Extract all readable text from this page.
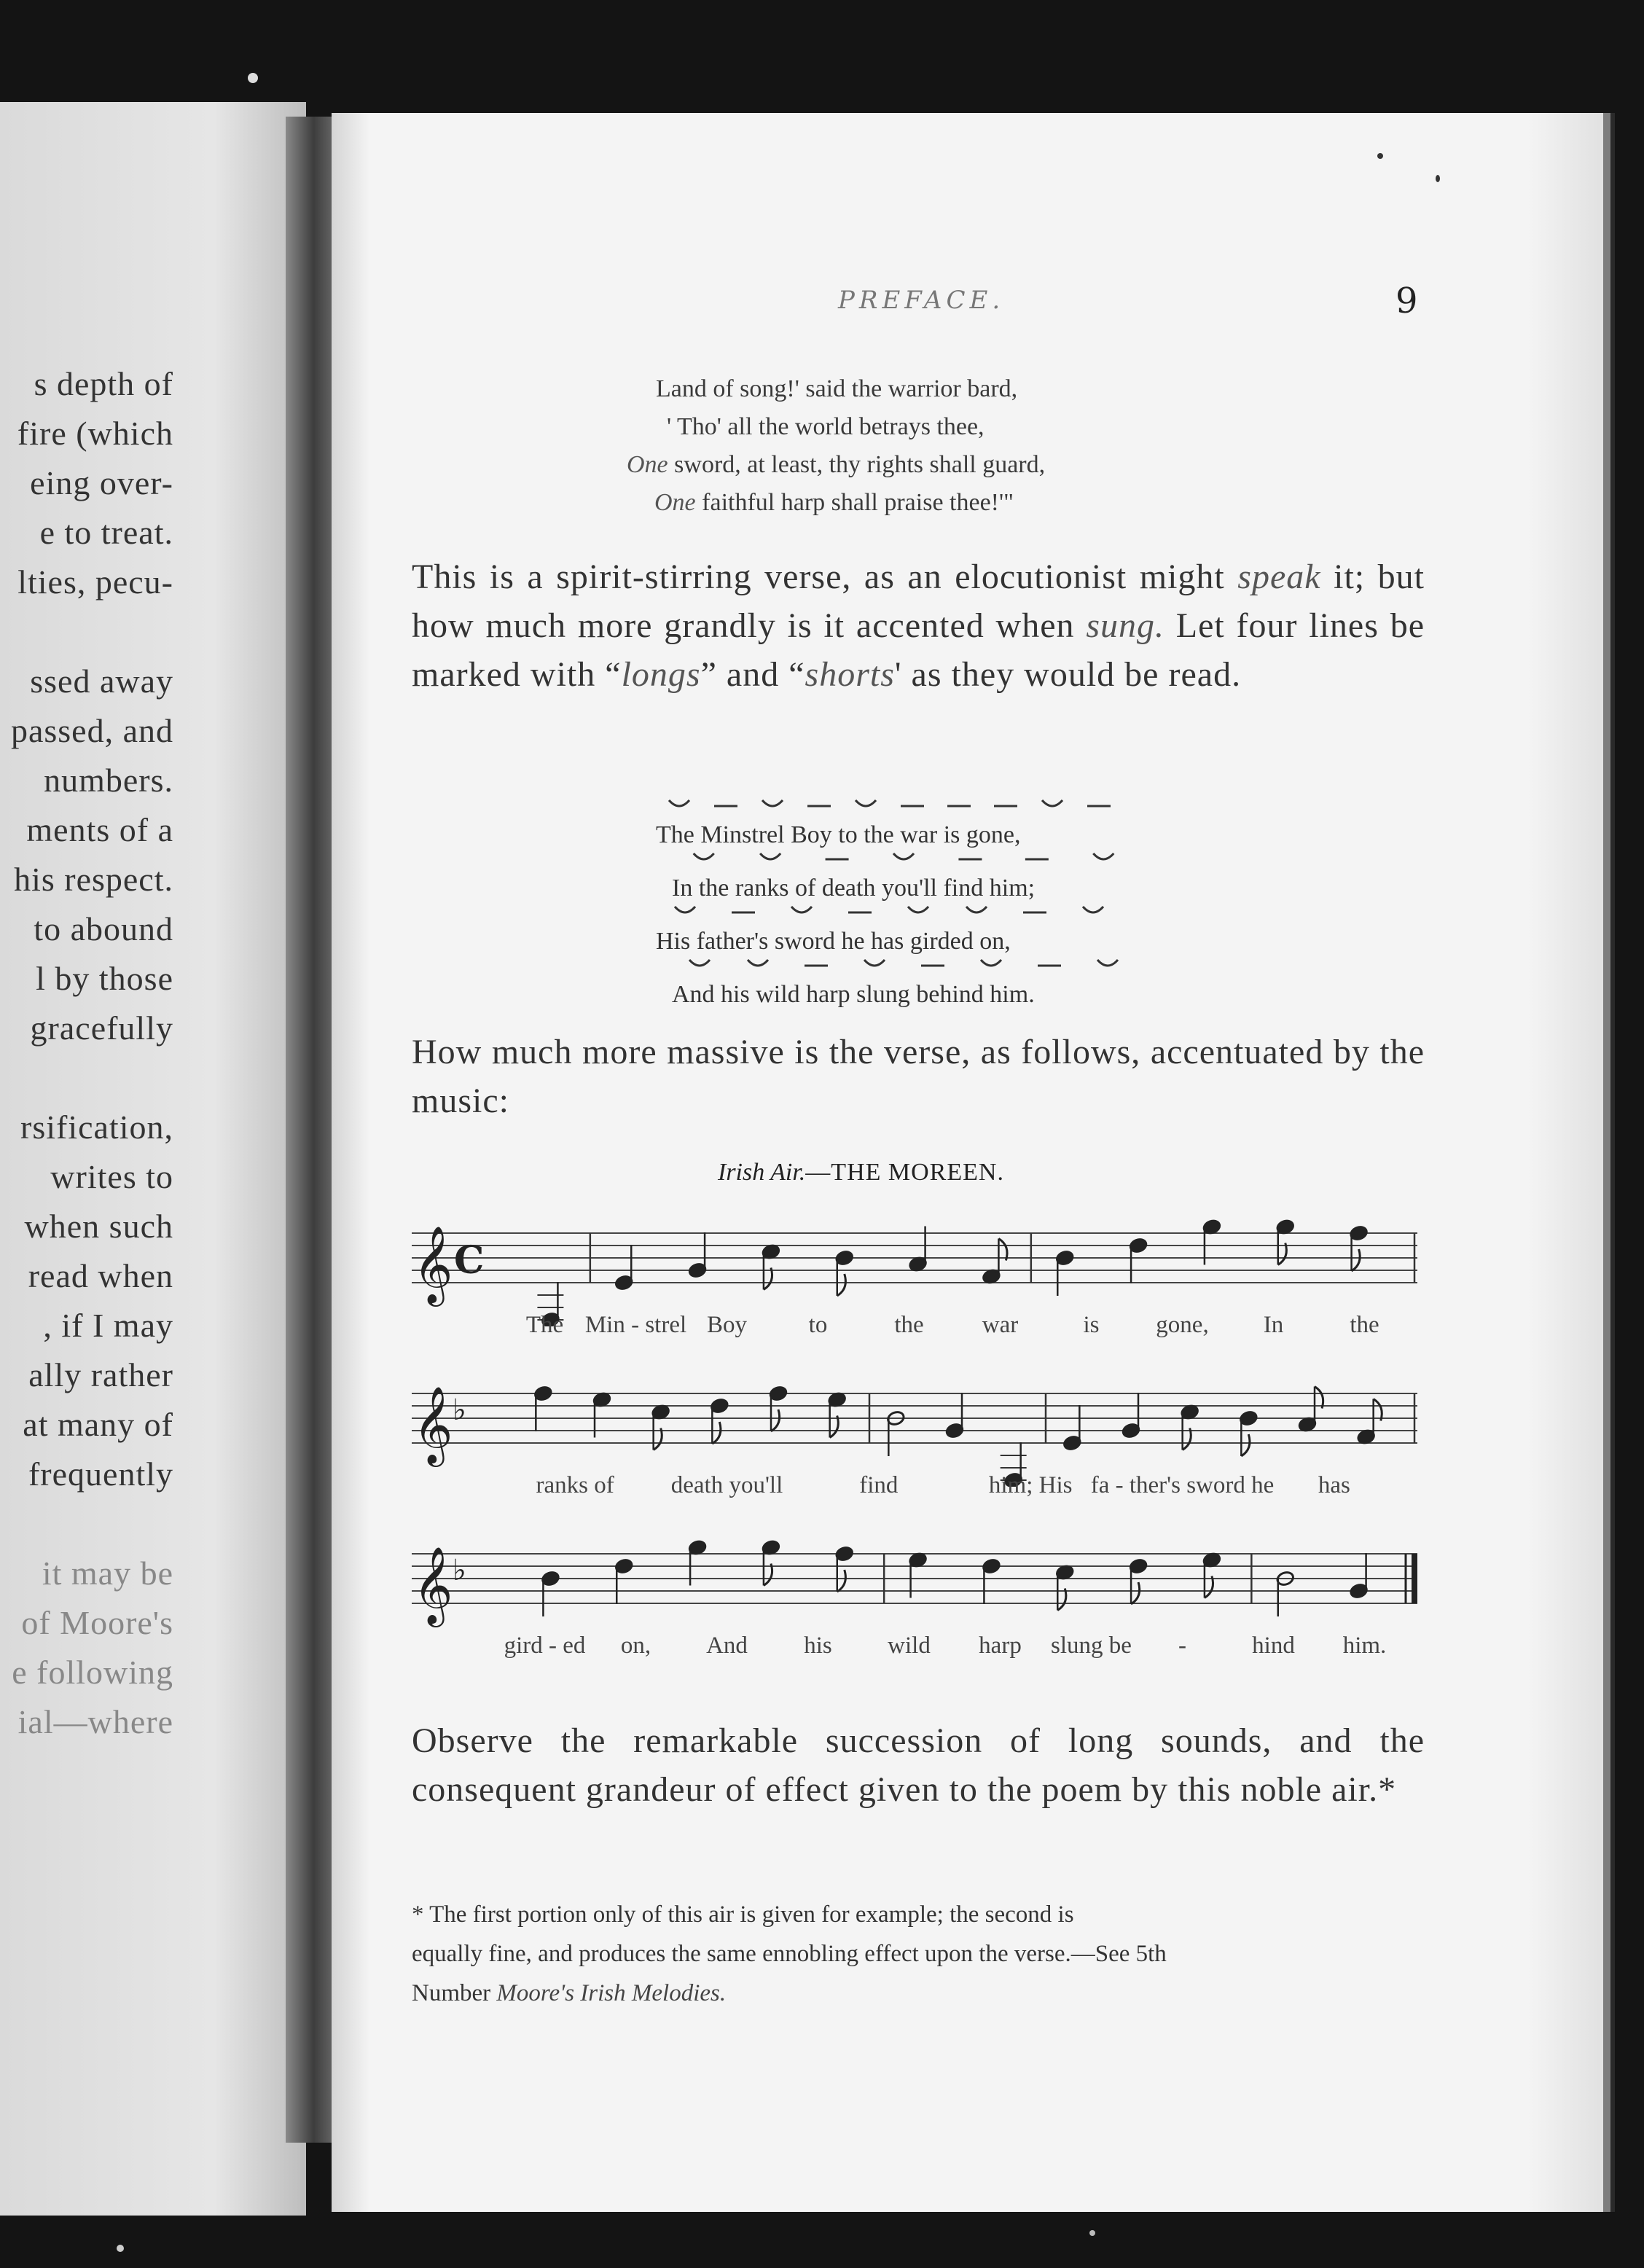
PREFACE.	9
Land of song!' said the warrior bard,
' Tho' all the world betrays thee,
One sword, at least, thy rights shall guard,
One faithful harp shall praise thee!'"

This is a spirit-stirring verse, as an elocutionist might speak it; but how much more grandly is it accented when sung. Let four lines be marked with “longs” and “shorts' as they would be read.

The Minstrel Boy to the war is gone,
In the ranks of death you'll find him;
His father's sword he has girded on,
And his wild harp slung behind him.

How much more massive is the verse, as follows, accentuated by the music:

Irish Air.—THE MOREEN.
𝄞 C
The Min - strel Boy	to	the war	is gone, In	the
𝄞 ♭
ranks of death you'll	find	him; His fa - ther's sword he has
𝄞 ♭
gird - ed on, And his wild harp slung be -	hind him.

Observe the remarkable succession of long sounds, and the consequent grandeur of effect given to the poem by this noble air.*

* The first portion only of this air is given for example; the second is
equally fine, and produces the same ennobling effect upon the verse.—See 5th
Number Moore's Irish Melodies.
s depth of
fire (which
eing over-
e to treat.
lties, pecu-
ssed away
passed, and
numbers.
ments of a
his respect.
to abound
l by those
gracefully
rsification,
writes to
when such
read when
, if I may
ally rather
at many of
frequently
it may be
of Moore's
e following
ial—where
